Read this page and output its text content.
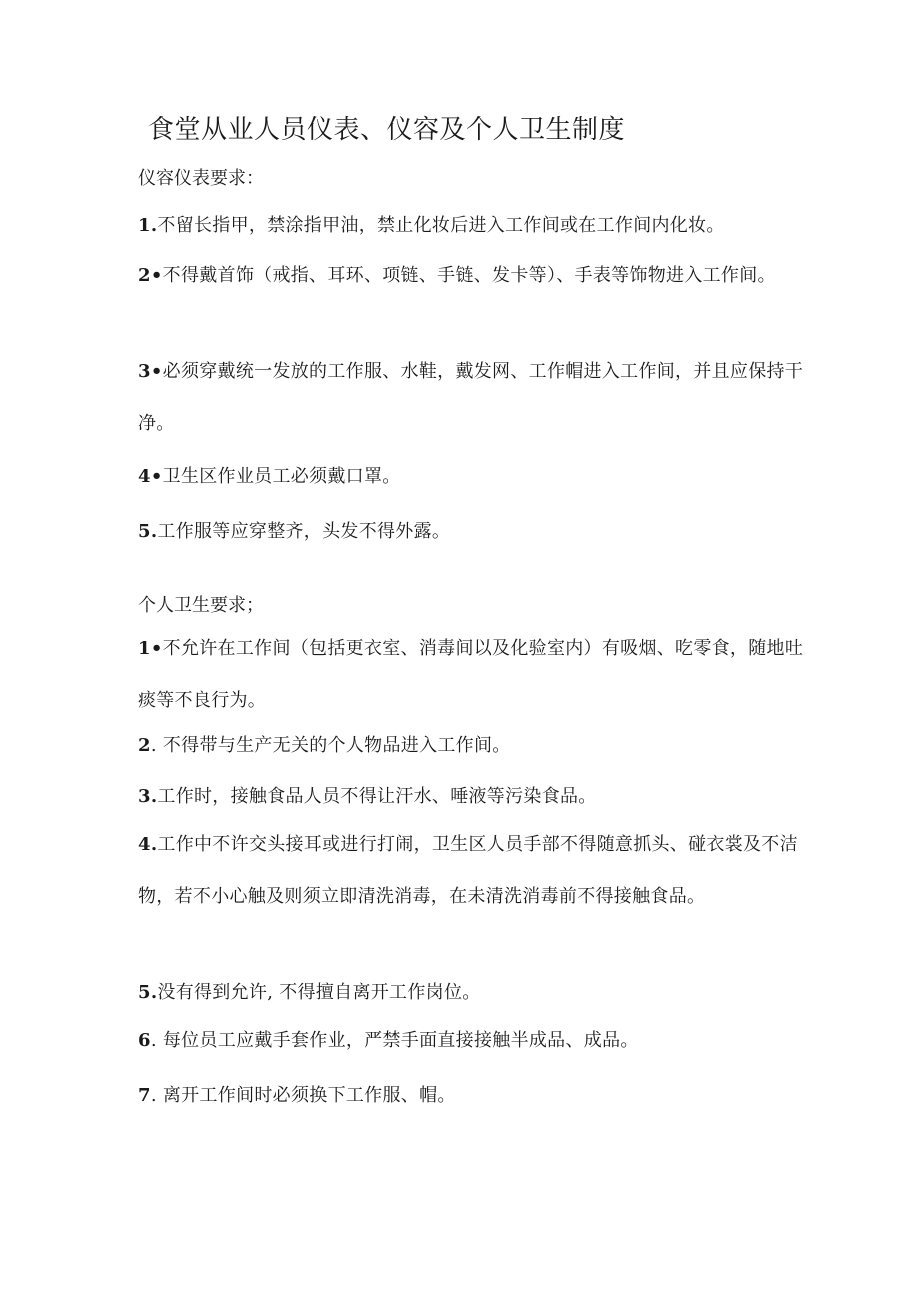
食堂从业人员仪表、仪容及个人卫生制度
仪容仪表要求：
1.不留长指甲，禁涂指甲油，禁止化妆后进入工作间或在工作间内化妆。
2•不得戴首饰（戒指、耳环、项链、手链、发卡等）、手表等饰物进入工作间。
3•必须穿戴统一发放的工作服、水鞋，戴发网、工作帽进入工作间，并且应保持干净。
4•卫生区作业员工必须戴口罩。
5.工作服等应穿整齐，头发不得外露。
个人卫生要求；
1•不允许在工作间（包括更衣室、消毒间以及化验室内）有吸烟、吃零食，随地吐痰等不良行为。
2. 不得带与生产无关的个人物品进入工作间。
3.工作时，接触食品人员不得让汗水、唾液等污染食品。
4.工作中不许交头接耳或进行打闹，卫生区人员手部不得随意抓头、碰衣裳及不洁物，若不小心触及则须立即清洗消毒，在未清洗消毒前不得接触食品。
5.没有得到允许, 不得擅自离开工作岗位。
6. 每位员工应戴手套作业，严禁手面直接接触半成品、成品。
7. 离开工作间时必须换下工作服、帽。
